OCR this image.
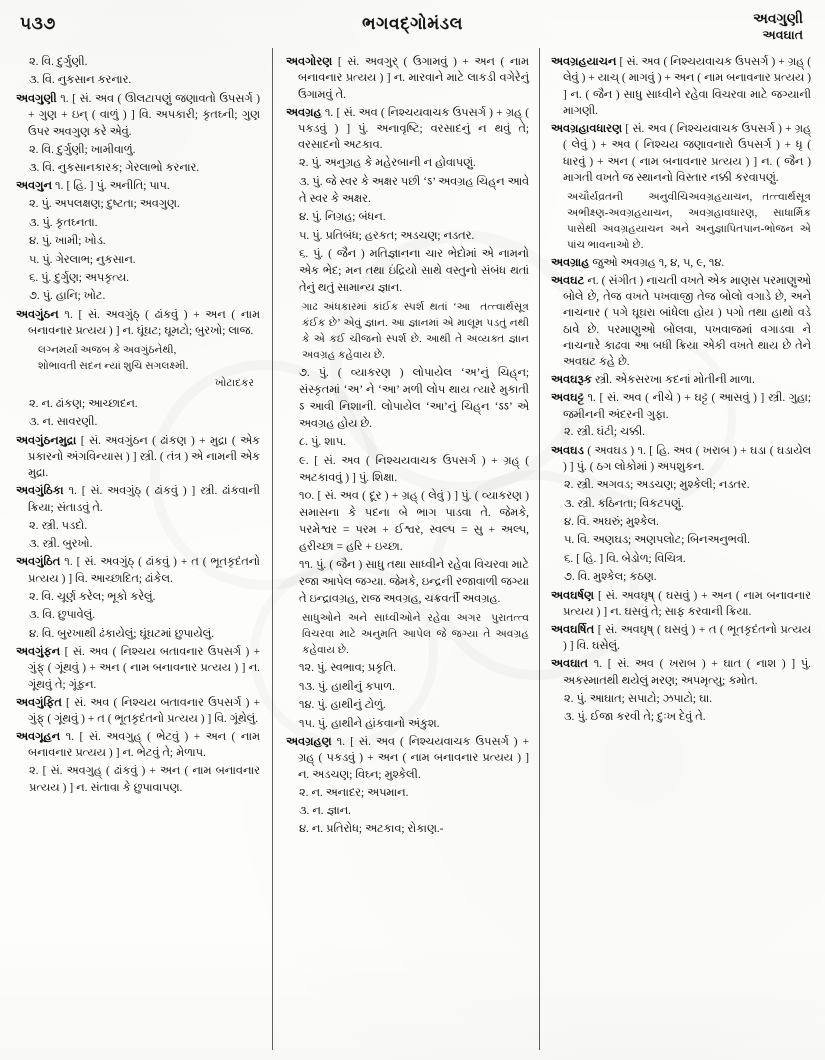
૫૩૭	ભગવદ્ગોમંડલ	અવગુણી
અવઘાત

૨. વિ. દુર્ગુણી.

૩. વિ. નુકસાન કરનાર.

અવગુણી ૧. [ સં. અવ ( ઊલટાપણું જણાવતો ઉપસર્ગ ) + ગુણ + ઇન્ ( વાળું ) ] વિ. અપકારી; કૃતઘ્ની; ગુણ ઉપર અવગુણ કરે એવું.

૨. વિ. દુર્ગુણી; ખામીવાળું.

૩. વિ. નુકસાનકારક; ગેરલાભો કરનાર.

અવગુન ૧. [ હિ. ] પું. અનીતિ; પાપ.

૨. પું. અપલક્ષણ; દુષ્ટતા; અવગુણ.

૩. પું. કૃતઘ્નતા.

૪. પું. ખામી; ખોડ.

૫. પું. ગેરલાભ; નુકસાન.

૬. પું. દુર્ગુણ; અપકૃત્ય.

૭. પું. હાનિ; ખોટ.

અવગુંઠન ૧. [ સં. અવગુંઠ્ ( ઢાંકવું ) + અન ( નામ બનાવનાર પ્રત્યય ) ] ન. ઘૂંઘટ; ઘૂમટો; બુરખો; લાજ.

લગ્નમર્યા અજબ કે અવગુંઠનેથી,
શોભાવતી સદન ન્યાં શુચિ સગલક્ષ્મી.
ખોટાદકર

૨. ન. ઢાંકણ; આચ્છાદન.

૩. ન. સાવરણી.

અવગુંઠનમુદ્રા [ સં. અવગુંઠન ( ઢાંકણ ) + મુદ્રા ( એક પ્રકારનો અંગવિન્યાસ ) ] સ્ત્રી. ( તંત્ર ) એ નામની એક મુદ્રા.

અવગુંઠિકા ૧. [ સં. અવગુંઠ્ ( ઢાંકવું ) ] સ્ત્રી. ઢાંકવાની ક્રિયા; સંતાડવું તે.

૨. સ્ત્રી. પડદો.

૩. સ્ત્રી. બુરખો.

અવગુંઠિત ૧. [ સં. અવગુંઠ્ ( ઢાંકવું ) + ત ( ભૂતકૃદંતનો પ્રત્યય ) ] વિ. આચ્છાદિત; ઢાંકેલ.

૨. વિ. ચૂર્ણ કરેલ; ભૂકો કરેલું.

૩. વિ. છુપાવેલું.

૪. વિ. બુરખાથી ઢંકાયેલું; ઘૂંઘટમાં છુપાયેલું.

અવગુંફન [ સં. અવ ( નિશ્ચય બતાવનાર ઉપસર્ગ ) + ગુંફ્ ( ગૂંથવું ) + અન ( નામ બનાવનાર પ્રત્યય ) ] ન. ગૂંથવું તે; ગૂંફન.

અવગુંફિત [ સં. અવ ( નિશ્ચય બતાવનાર ઉપસર્ગ ) + ગુંફ્ ( ગૂંથવું ) + ત ( ભૂતકૃદંતનો પ્રત્યય ) ] વિ. ગૂંથેલું.

અવગૂહન ૧. [ સં. અવગુહ્ ( ભેટવું ) + અન ( નામ બનાવનાર પ્રત્યય ) ] ન. ભેટવું તે; મેળાપ.

૨. [ સં. અવગુહ્ ( ઢાંકવું ) + અન ( નામ બનાવનાર પ્રત્યય ) ] ન. સંતાવા કે છુપાવાપણ.

અવગોરણ [ સં. અવગુર્ ( ઉગામવું ) + અન ( નામ બનાવનાર પ્રત્યય ) ] ન. મારવાને માટે લાકડી વગેરેનું ઉગામવું તે.

અવગ્રહ ૧. [ સં. અવ ( નિશ્ચયવાચક ઉપસર્ગ ) + ગ્રહ્ ( પકડવું ) ] પું. અનાવૃષ્ટિ; વરસાદનું ન થવું તે; વરસાદનો અટકાવ.

૨. પું. અનુગ્રહ કે મહેરબાની ન હોવાપણું.

૩. પું. જે સ્વર કે અક્ષર પછી ‘ऽ’ અવગ્રહ ચિહ્‌ન આવે તે સ્વર કે અક્ષર.

૪. પું. નિગ્રહ; બંધન.

૫. પું. પ્રતિબંધ; હરકત; અડચણ; નડતર.

૬. પું. ( જૈન ) મતિજ્ઞાનના ચાર ભેદોમાં એ નામનો એક ભેદ; મન તથા ઇંદ્રિયો સાથે વસ્તુનો સંબંધ થતાં તેનું થતું સામાન્ય જ્ઞાન.

તત્ત્વાર્થસૂત્ર
ગાઢ અંધકારમાં કાંઈક સ્પર્શ થતાં ‘આ કંઈક છે’ એવું જ્ઞાન. આ જ્ઞાનમાં એ માલૂમ પડતું નથી કે એ કઈ ચીજનો સ્પર્શ છે. આથી તે અવ્યક્ત જ્ઞાન અવગ્રહ કહેવાય છે.

૭. પું. ( વ્યાકરણ ) લોપાયેલ ‘અ’નું ચિહ્‌ન; સંસ્કૃતમાં ‘અ’ ને ‘આ’ મળી લોપ થાય ત્યારે મુકાતી ऽ આવી નિશાની. લોપાયેલ ‘આ’નું ચિહ્‌ન ‘ऽऽ’ એ અવગ્રહ હોય છે.

૮. પું. શાપ.

૯. [ સં. અવ ( નિશ્ચયવાચક ઉપસર્ગ ) + ગ્રહ્ ( અટકાવવું ) ] પું. શિક્ષા.

૧૦. [ સં. અવ ( દૂર ) + ગ્રહ્ ( લેવું ) ] પું. ( વ્યાકરણ ) સમાસના કે પદના બે ભાગ પાડવા તે. જેમકે, પરમેશ્વર = પરમ + ઈશ્વર, સ્વલ્પ = સુ + અલ્પ, હરીચ્છા = હરિ + ઇચ્છા.

૧૧. પું. ( જૈન ) સાધુ તથા સાધ્વીને રહેવા વિચરવા માટે રજા આપેલ જગ્યા. જેમકે, ઇન્દ્રની રજાવાળી જગ્યા તે ઇન્દ્રાવગ્રહ, રાજ અવગ્રહ, ચક્રવર્તી અવગ્રહ.

પુરાતત્ત્વ
સાધુઓને અને સાધ્વીઓને રહેવા અગર વિચરવા માટે અનુમતિ આપેલ જે જગ્યા તે અવગ્રહ કહેવાય છે.

૧૨. પું. સ્વભાવ; પ્રકૃતિ.

૧૩. પું. હાથીનું કપાળ.

૧૪. પું. હાથીનું ટોળું.

૧૫. પું. હાથીને હાંકવાનો અંકુશ.

અવગ્રહણ ૧. [ સં. અવ ( નિશ્ચયવાચક ઉપસર્ગ ) + ગ્રહ્ ( પકડવું ) + અન ( નામ બનાવનાર પ્રત્યય ) ] ન. અડચણ; વિઘ્ન; મુશ્કેલી.

૨. ન. અનાદર; અપમાન.

૩. ન. જ્ઞાન.

૪. ન. પ્રતિરોધ; અટકાવ; રોકાણ.-

અવગ્રહયાચન [ સં. અવ ( નિશ્ચયવાચક ઉપસર્ગ ) + ગ્રહ્ ( લેવું ) + યાચ્ ( માગવું ) + અન ( નામ બનાવનાર પ્રત્યય ) ] ન. ( જૈન ) સાધુ સાધ્વીને રહેવા વિચરવા માટે જગ્યાની માગણી.

અવગ્રહાવધારણ [ સં. અવ ( નિશ્ચયવાચક ઉપસર્ગ ) + ગ્રહ્ ( લેવું ) + અવ ( નિશ્ચય જણાવનારો ઉપસર્ગ ) + ધૃ ( ધારવું ) + અન ( નામ બનાવનાર પ્રત્યય ) ] ન. ( જૈન ) માગતી વખતે જ સ્થાનનો વિસ્તાર નક્કી કરવાપણું.

તત્ત્વાર્થસૂત્ર
અચૌર્યવ્રતની અનુવીચિઅવગ્રહયાચન, અભીક્ષ્ણ-અવગ્રહયાચન, અવગ્રહાવધારણ, સાધાર્મિક પાસેથી અવગ્રહયાચન અને અનુજ્ઞાપિતપાન-ભોજન એ પાંચ ભાવનાઓ છે.

અવગ્રાહ જુઓ અવગ્રહ ૧, ૪, ૫, ૯, ૧૪.

અવઘટ ન. ( સંગીત ) નાચતી વખતે એક માણસ પરમાણુઓ બોલે છે, તેજ વખતે પખવાજી તેજ બોલો વગાડે છે, અને નાચનાર ( પગે ઘૂઘરા બાંધેલા હોય ) પગો તથા હાથો વડે ઠાવે છે. પરમાણુઓ બોલવા, પખવાજમાં વગાડવા ને નાચનારે કાઢવા આ બધી ક્રિયા એકી વખતે થાય છે તેને અવઘટ કહે છે.

અવઘરૂક સ્ત્રી. એકસરખા કદનાં મોતીની માળા.

અવઘટ્ટ ૧. [ સં. અવ ( નીચે ) + ઘટ્ટ ( આસવું ) ] સ્ત્રી. ગુહા; જમીનની અંદરની ગુફા.

૨. સ્ત્રી. ઘંટી; ચક્કી.

અવઘડ ( અવઘડ ) ૧. [ હિ. અવ ( ખરાબ ) + ઘડા ( ઘડાયેલ ) ] પું. ( ઠગ લોકોમાં ) અપશુકન.

૨. સ્ત્રી. અગવડ; અડચણ; મુશ્કેલી; નડતર.

૩. સ્ત્રી. કઠિનતા; વિકટપણું.

૪. વિ. અઘરું; મુશ્કેલ.

૫. વિ. અણઘડ; અણપલોટ; બિનઅનુભવી.

૬. [ હિ. ] વિ. બેડોળ; વિચિત્ર.

૭. વિ. મુશ્કેલ; કઠણ.

અવઘર્ષણ [ સં. અવઘૃષ્ ( ઘસવું ) + અન ( નામ બનાવનાર પ્રત્યય ) ] ન. ઘસવું તે; સાફ કરવાની ક્રિયા.

અવઘર્ષિત [ સં. અવઘૃષ્ ( ઘસવું ) + ત ( ભૂતકૃદંતનો પ્રત્યય ) ] વિ. ઘસેલું.

અવઘાત ૧. [ સં. અવ ( ખરાબ ) + ઘાત ( નાશ ) ] પું. અકસ્માતથી થયેલું મરણ; અપમૃત્યુ; કમોત.

૨. પું. આઘાત; સપાટો; ઝપાટો; ઘા.

૩. પું. ઈજા કરવી તે; દુઃખ દેવું તે.
